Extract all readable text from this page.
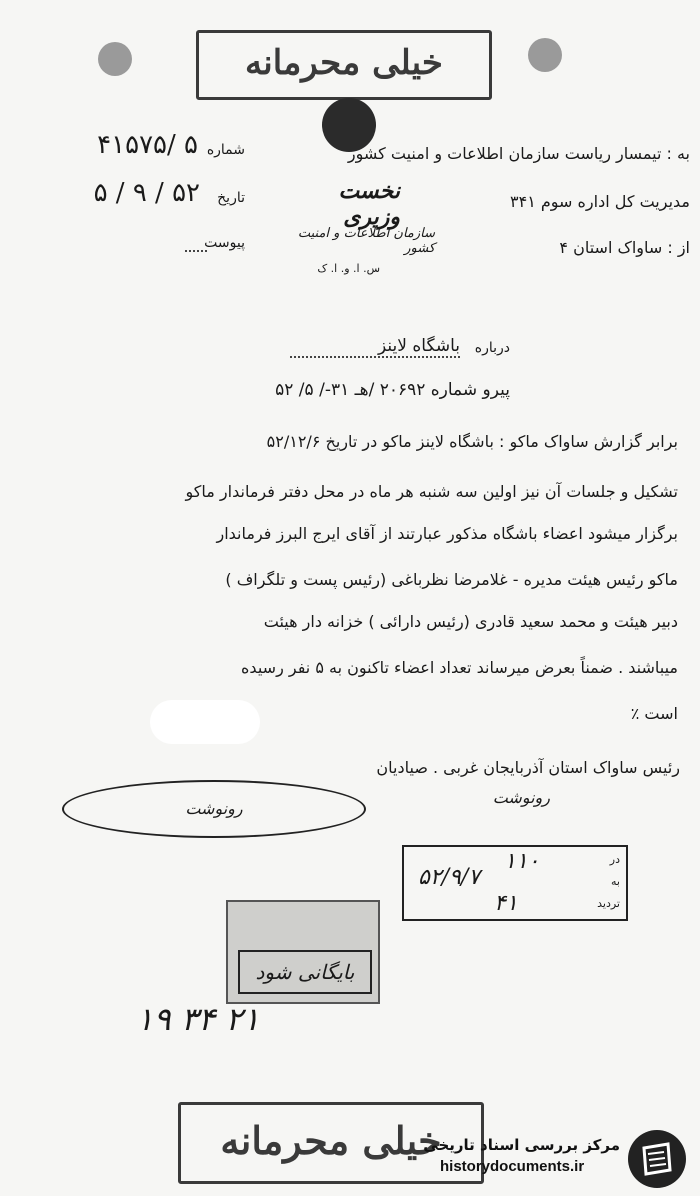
خیلی محرمانه
شماره
۴۱۵۷۵/ ۵
تاریخ
۵ / ۹ / ۵۲
پیوست
به : تیمسار ریاست سازمان اطلاعات و امنیت کشور
مدیریت کل اداره سوم ۳۴۱
از : ساواک استان ۴
نخست وزیری
سازمان اطلاعات و امنیت کشور
س. ا. و. ا. ک
درباره
باشگاه لاینز
پیرو شماره ۲۰۶۹۲ /هـ ۳۱-/ ۵/ ۵۲
برابر گزارش ساواک ماکو : باشگاه لاینز ماکو در تاریخ ۵۲/۱۲/۶
تشکیل و جلسات آن نیز اولین سه شنبه هر ماه در محل دفتر فرماندار ماکو
برگزار میشود اعضاء باشگاه مذکور عبارتند از آقای ایرج البرز فرماندار
ماکو رئیس هیئت مدیره - غلامرضا نظرباغی (رئیس پست و تلگراف )
دبیر هیئت و محمد سعید قادری (رئیس دارائی ) خزانه دار هیئت
میباشند . ضمناً بعرض میرساند تعداد اعضاء تاکنون به ۵ نفر رسیده
است ٪
رئیس ساواک استان آذربایجان غربی . صیادیان
رونوشت
رونوشت
در
۱۱۰
به
۵۲/۹/۷
تردید
۴۱
بایگانی شود
۲۱ ۳۴ ۱۹
خیلی محرمانه
مرکز بررسی اسناد تاریخی
historydocuments.ir
